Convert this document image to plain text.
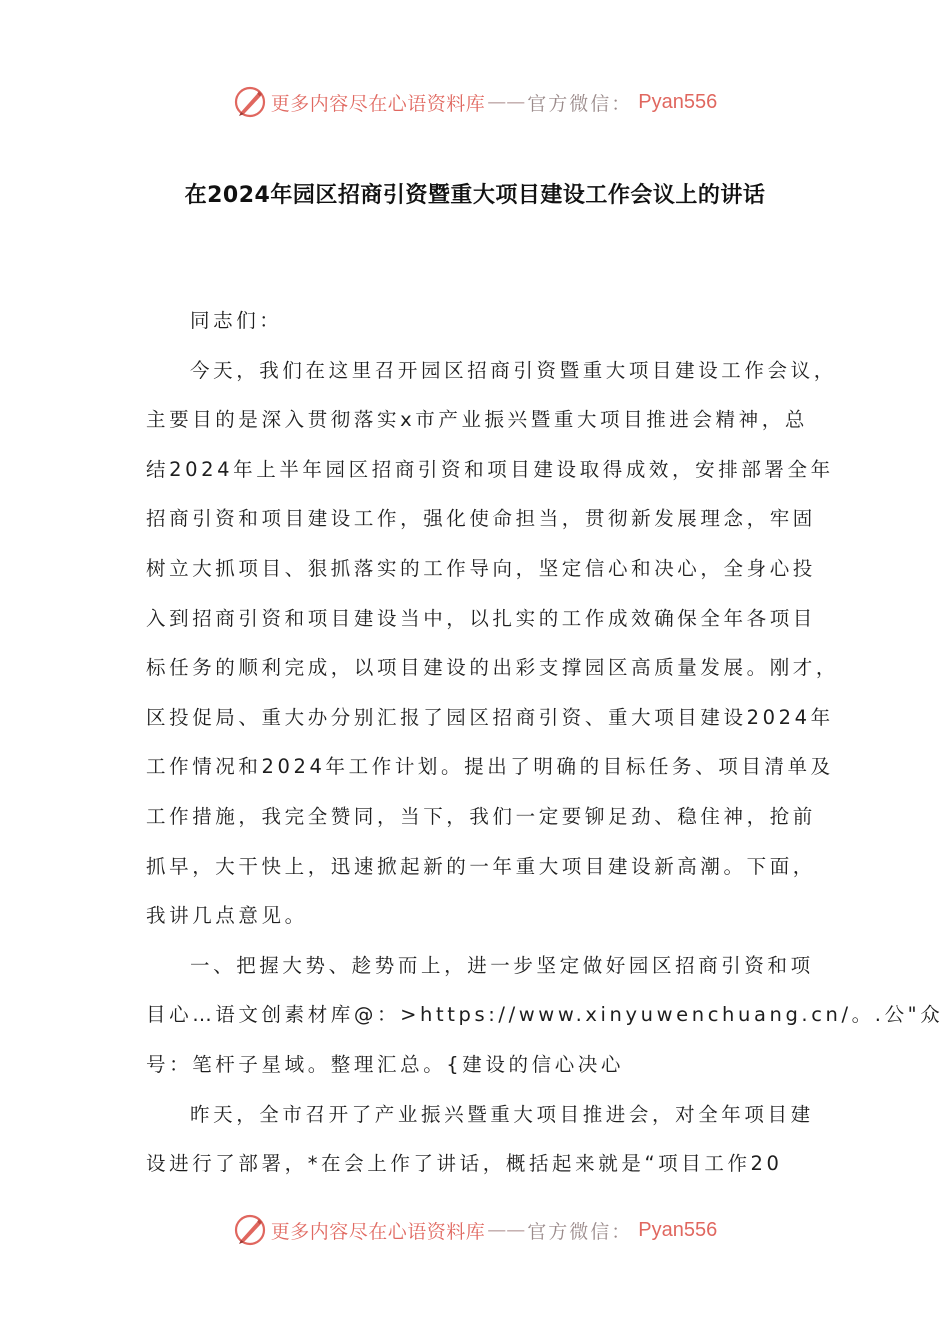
更多内容尽在心语资料库 —— 官方微信： Pyan556
在2024年园区招商引资暨重大项目建设工作会议上的讲话
同志们：
今天，我们在这里召开园区招商引资暨重大项目建设工作会议，
主要目的是深入贯彻落实x市产业振兴暨重大项目推进会精神，总
结2024年上半年园区招商引资和项目建设取得成效，安排部署全年
招商引资和项目建设工作，强化使命担当，贯彻新发展理念，牢固
树立大抓项目、狠抓落实的工作导向，坚定信心和决心，全身心投
入到招商引资和项目建设当中，以扎实的工作成效确保全年各项目
标任务的顺利完成，以项目建设的出彩支撑园区高质量发展。刚才，
区投促局、重大办分别汇报了园区招商引资、重大项目建设2024年
工作情况和2024年工作计划。提出了明确的目标任务、项目清单及
工作措施，我完全赞同，当下，我们一定要铆足劲、稳住神，抢前
抓早，大干快上，迅速掀起新的一年重大项目建设新高潮。下面，
我讲几点意见。
一、把握大势、趁势而上，进一步坚定做好园区招商引资和项
目心…语文创素材库@：>https://www.xinyuwenchuang.cn/。.公"众
号：笔杆子星域。整理汇总。{建设的信心决心
昨天，全市召开了产业振兴暨重大项目推进会，对全年项目建
设进行了部署，*在会上作了讲话，概括起来就是“项目工作20
更多内容尽在心语资料库 —— 官方微信： Pyan556
